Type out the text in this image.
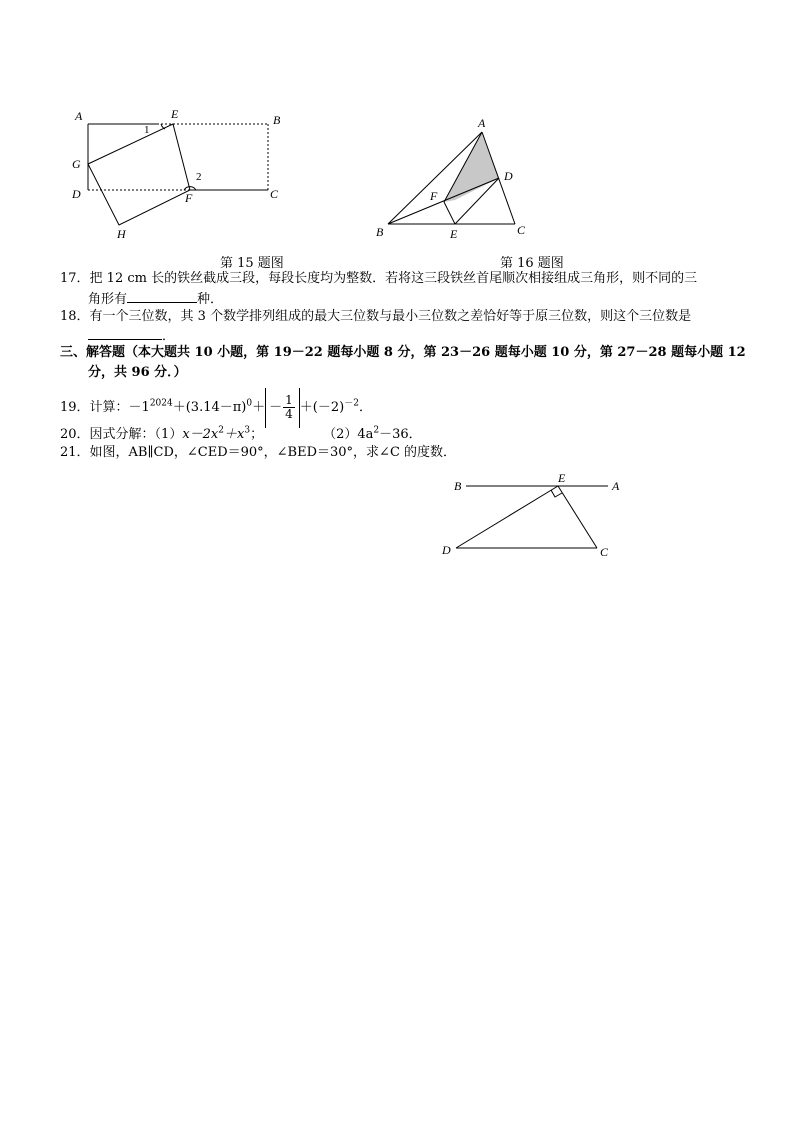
A	E	B
G
D	F	C
H
1
2
第 15 题图
A
D
F
B	E	C
第 16 题图
17．把 12 cm 长的铁丝截成三段，每段长度均为整数．若将这三段铁丝首尾顺次相接组成三角形，则不同的三
角形有	种．
18．有一个三位数，其 3 个数学排列组成的最大三位数与最小三位数之差恰好等于原三位数，则这个三位数是
．
三、解答题（本大题共 10 小题，第 19－22 题每小题 8 分，第 23－26 题每小题 10 分，第 27－28 题每小题 12
分，共 96 分．）
19．计算：$-1^{2024}+(3.14-\pi)^0+ - \frac{1}{4} +(-2)^{-2}$．
20．因式分解：$(1)x-2x^2+x^3$；	$(2)4a^2-36$．
21．如图，AB∥CD，∠CED＝90°，∠BED＝30°，求∠C 的度数．
B
E
A
D	C
